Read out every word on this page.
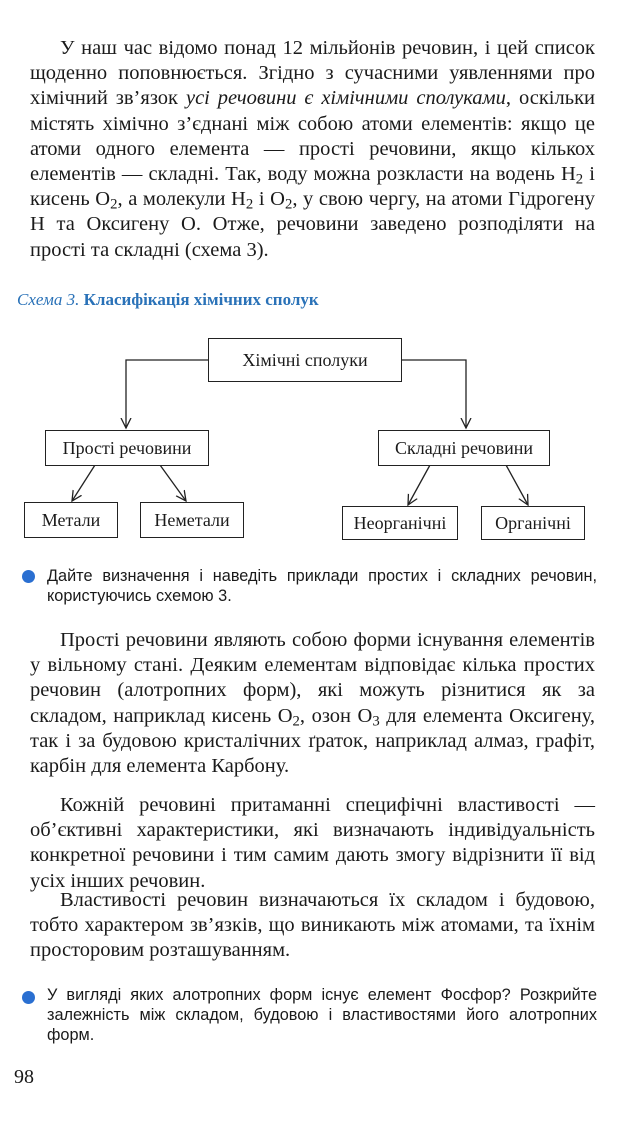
У наш час відомо понад 12 мільйонів речовин, і цей список щоденно поповнюється. Згідно з сучасними уявленнями про хімічний зв’язок усі речовини є хімічними сполуками, оскільки містять хімічно з’єднані між собою атоми елементів: якщо це атоми одного елемента — прості речовини, якщо кількох елементів — складні. Так, воду можна розкласти на водень $H_2$ і кисень $O_2$, а молекули $H_2$ і $O_2$, у свою чергу, на атоми Гідрогену H та Оксигену O. Отже, речовини заведено розподіляти на прості та складні (схема 3).

Схема 3. Класифікація хімічних сполук

Хімічні сполуки
Прості речовини	Складні речовини
Метали	Неметали	Неорганічні	Органічні

Дайте визначення і наведіть приклади простих і складних речовин, користуючись схемою 3.

Прості речовини являють собою форми існування елементів у вільному стані. Деяким елементам відповідає кілька простих речовин (алотропних форм), які можуть різнитися як за складом, наприклад кисень $O_2$, озон $O_3$ для елемента Оксигену, так і за будовою кристалічних ґраток, наприклад алмаз, графіт, карбін для елемента Карбону.

Кожній речовині притаманні специфічні властивості — об’єктивні характеристики, які визначають індивідуальність конкретної речовини і тим самим дають змогу відрізнити її від усіх інших речовин.

Властивості речовин визначаються їх складом і будовою, тобто характером зв’язків, що виникають між атомами, та їхнім просторовим розташуванням.

У вигляді яких алотропних форм існує елемент Фосфор? Розкрийте залежність між складом, будовою і властивостями його алотропних форм.

98
